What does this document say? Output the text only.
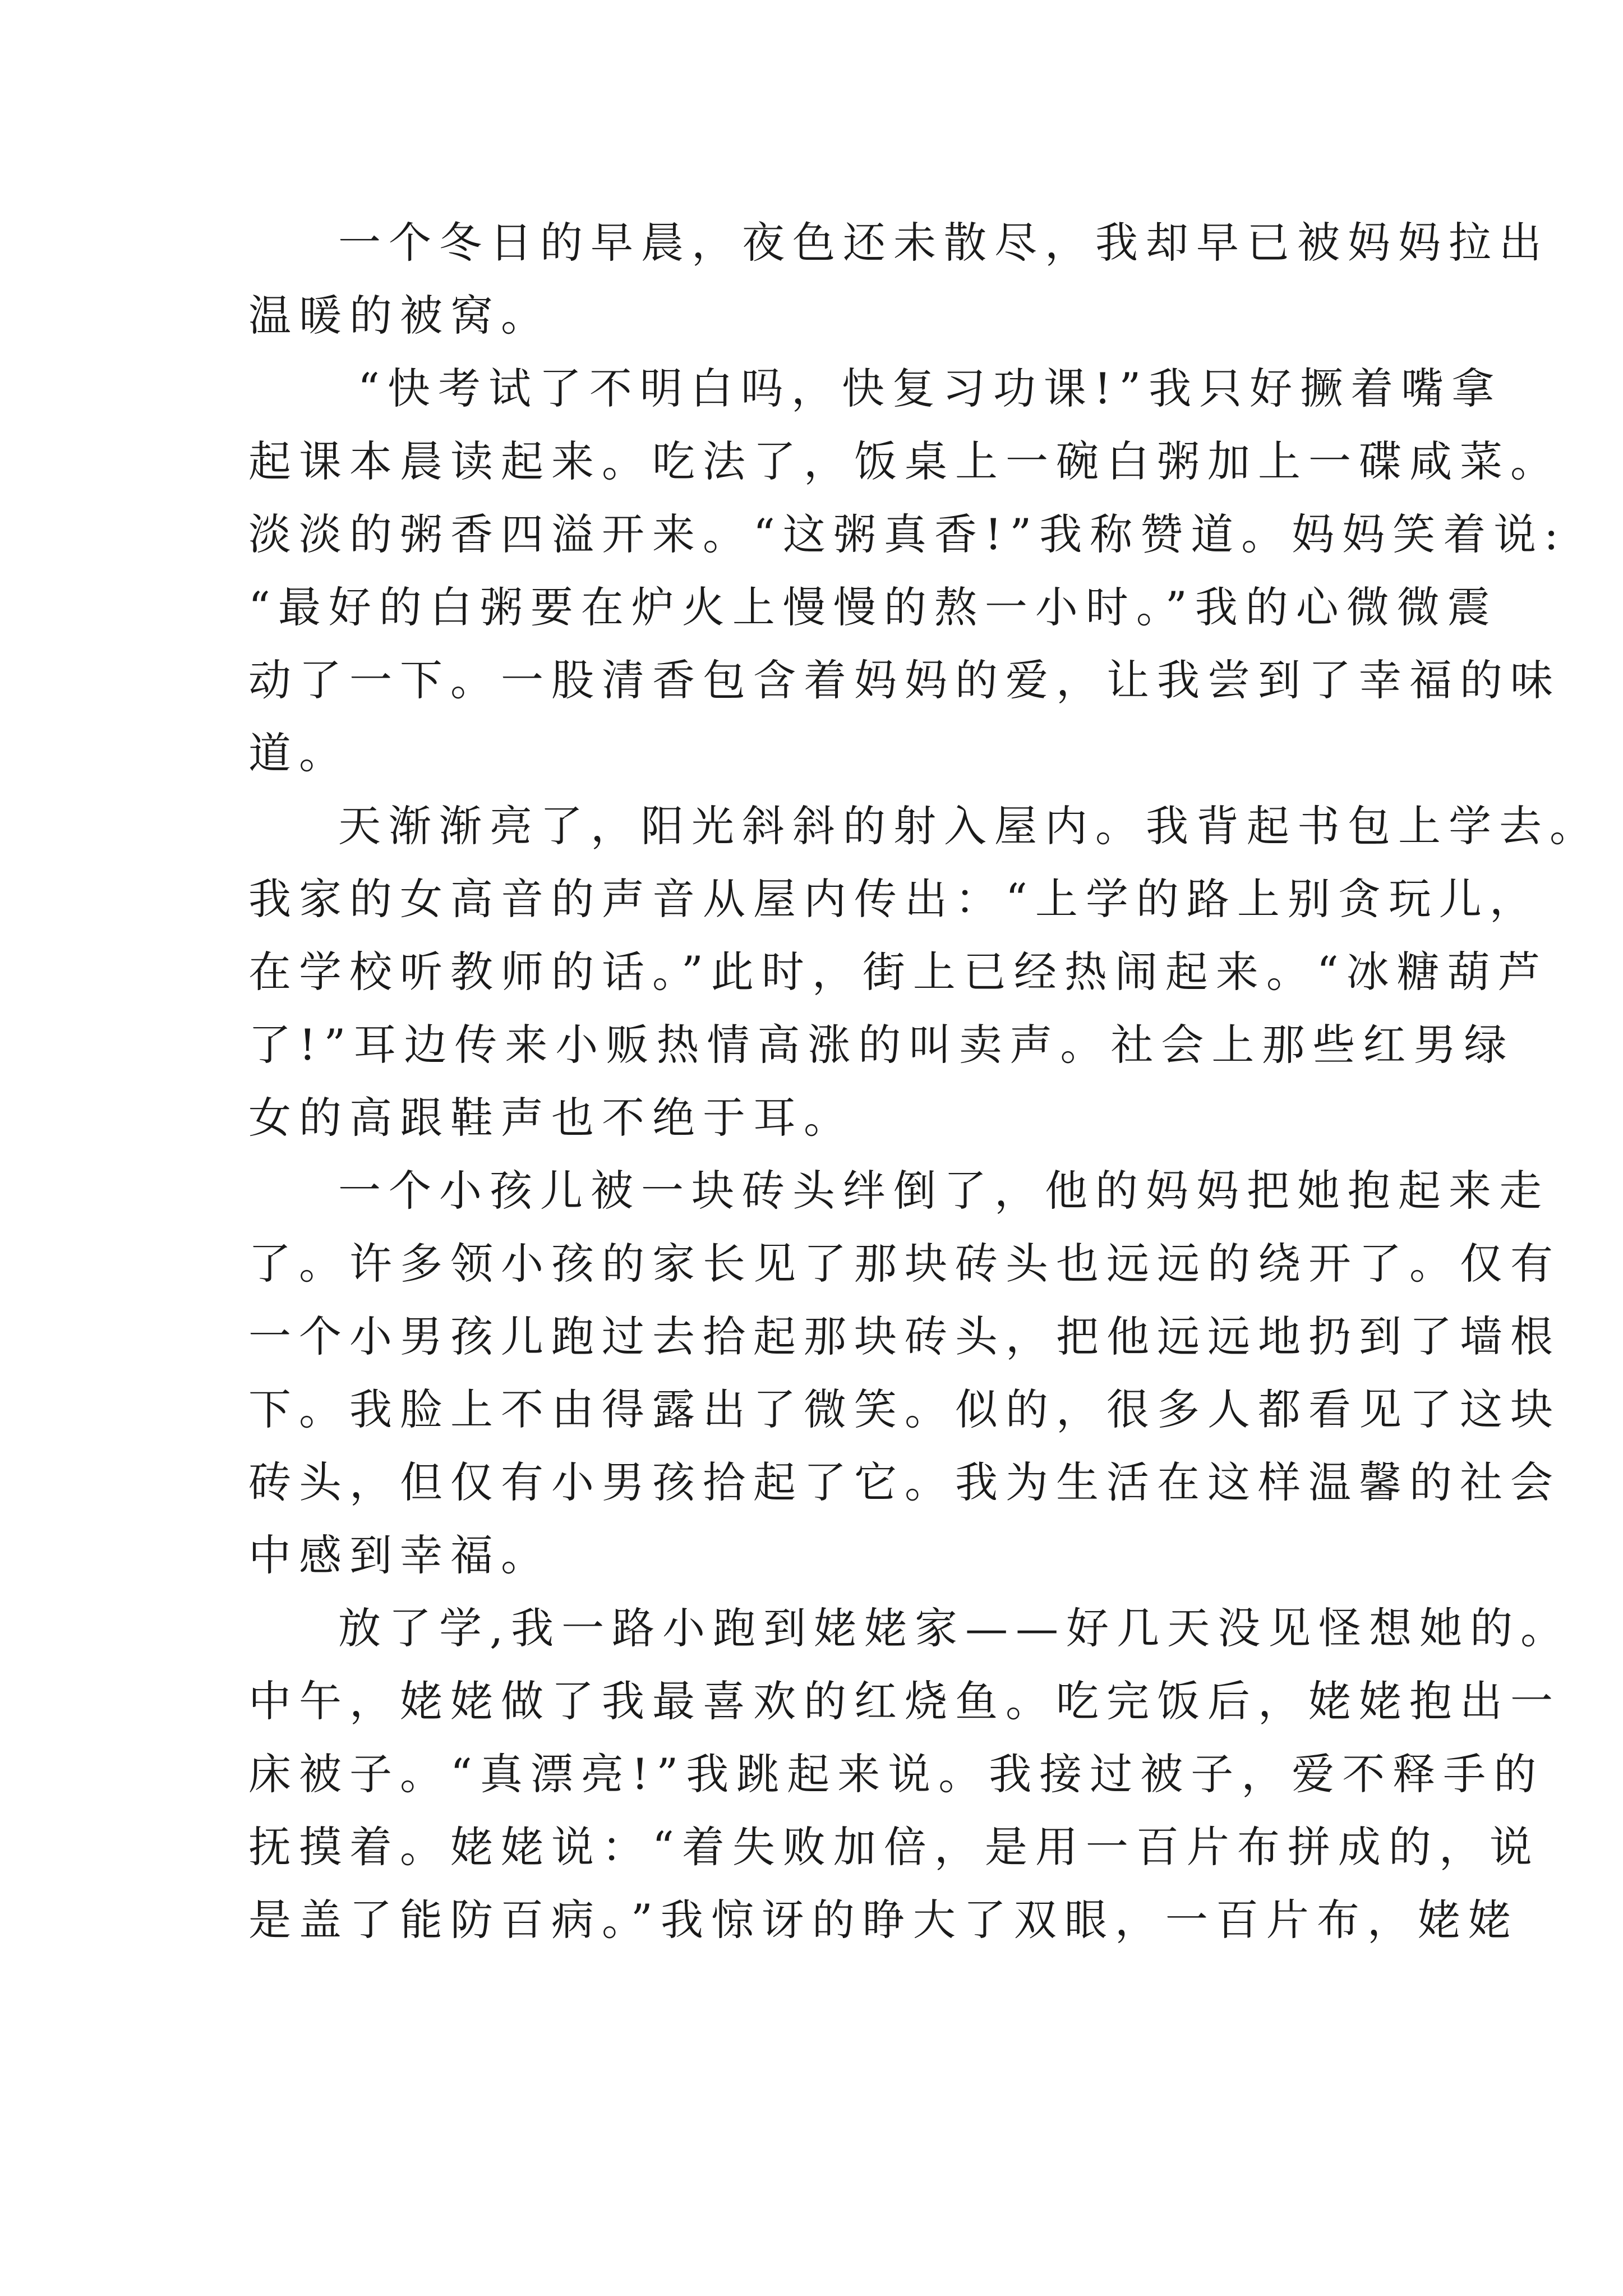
一个冬日的早晨，夜色还未散尽，我却早已被妈妈拉出
温暖的被窝。
“快考试了不明白吗，快复习功课!”我只好撅着嘴拿
起课本晨读起来。吃法了，饭桌上一碗白粥加上一碟咸菜。
淡淡的粥香四溢开来。“这粥真香!”我称赞道。妈妈笑着说:
“最好的白粥要在炉火上慢慢的熬一小时。”我的心微微震
动了一下。一股清香包含着妈妈的爱，让我尝到了幸福的味
道。
天渐渐亮了，阳光斜斜的射入屋内。我背起书包上学去。
我家的女高音的声音从屋内传出：“上学的路上别贪玩儿，
在学校听教师的话。”此时，街上已经热闹起来。“冰糖葫芦
了!”耳边传来小贩热情高涨的叫卖声。社会上那些红男绿
女的高跟鞋声也不绝于耳。
一个小孩儿被一块砖头绊倒了，他的妈妈把她抱起来走
了。许多领小孩的家长见了那块砖头也远远的绕开了。仅有
一个小男孩儿跑过去拾起那块砖头，把他远远地扔到了墙根
下。我脸上不由得露出了微笑。似的，很多人都看见了这块
砖头，但仅有小男孩拾起了它。我为生活在这样温馨的社会
中感到幸福。
放了学,我一路小跑到姥姥家——好几天没见怪想她的。
中午，姥姥做了我最喜欢的红烧鱼。吃完饭后，姥姥抱出一
床被子。“真漂亮!”我跳起来说。我接过被子，爱不释手的
抚摸着。姥姥说：“着失败加倍，是用一百片布拼成的，说
是盖了能防百病。”我惊讶的睁大了双眼，一百片布，姥姥
